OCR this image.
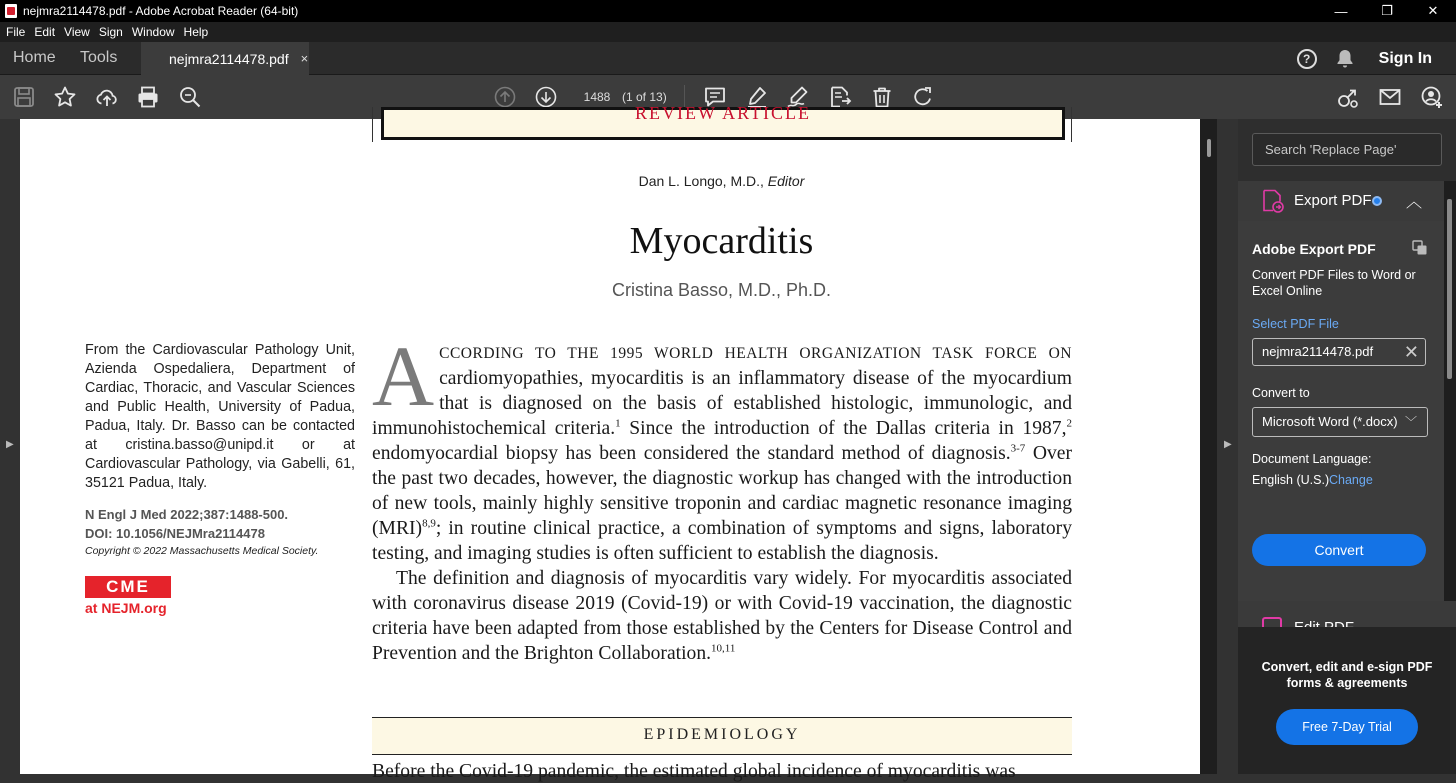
nejmra2114478.pdf - Adobe Acrobat Reader (64-bit)	—	❐	✕
File Edit View Sign Window Help
Home Tools	nejmra2114478.pdf ×	?	Sign In
1488 (1 of 13)
▶
REVIEW ARTICLE
Dan L. Longo, M.D., Editor
Myocarditis
Cristina Basso, M.D., Ph.D.
From the Cardiovascular Pathology Unit, Azienda Ospedaliera, Department of Cardiac, Thoracic, and Vascular Sciences and Public Health, University of Padua, Padua, Italy. Dr. Basso can be contacted at cristina.basso@unipd.it or at Cardiovascular Pathology, via Gabelli, 61, 35121 Padua, Italy.
N Engl J Med 2022;387:1488-500.
DOI: 10.1056/NEJMra2114478
Copyright © 2022 Massachusetts Medical Society.
CME
at NEJM.org

ACCORDING TO THE 1995 WORLD HEALTH ORGANIZATION TASK FORCE ON cardiomyopathies, myocarditis is an inflammatory disease of the myocardium that is diagnosed on the basis of established histologic, immunologic, and immunohistochemical criteria.$^1$ Since the introduction of the Dallas criteria in 1987,$^2$ endomyocardial biopsy has been considered the standard method of diagnosis.$^{3-7}$ Over the past two decades, however, the diagnostic workup has changed with the introduction of new tools, mainly highly sensitive troponin and cardiac magnetic resonance imaging (MRI)$^{8,9}$; in routine clinical practice, a combination of symptoms and signs, laboratory testing, and imaging studies is often sufficient to establish the diagnosis.

The definition and diagnosis of myocarditis vary widely. For myocarditis associated with coronavirus disease 2019 (Covid-19) or with Covid-19 vaccination, the diagnostic criteria have been adapted from those established by the Centers for Disease Control and Prevention and the Brighton Collaboration.$^{10,11}$

EPIDEMIOLOGY
Before the Covid-19 pandemic, the estimated global incidence of myocarditis was
▶
Search 'Replace Page'
Export PDF ︿
Adobe Export PDF
Convert PDF Files to Word or Excel Online
Select PDF File
nejmra2114478.pdf ✕
Convert to
Microsoft Word (*.docx) ﹀
Document Language:
English (U.S.) Change
Convert
Convert, edit and e-sign PDF forms & agreements
Free 7-Day Trial
